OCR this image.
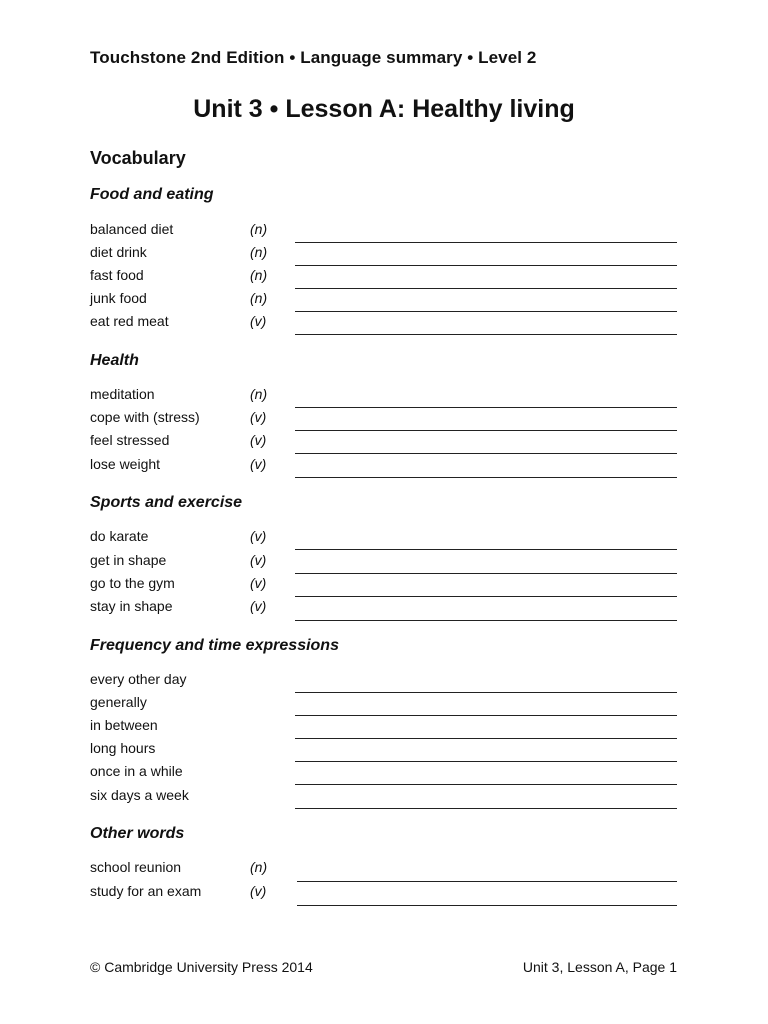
Touchstone 2nd Edition • Language summary • Level 2
Unit 3 • Lesson A: Healthy living
Vocabulary
Food and eating
balanced diet	(n)
diet drink	(n)
fast food	(n)
junk food	(n)
eat red meat	(v)
Health
meditation	(n)
cope with (stress)	(v)
feel stressed	(v)
lose weight	(v)
Sports and exercise
do karate	(v)
get in shape	(v)
go to the gym	(v)
stay in shape	(v)
Frequency and time expressions
every other day
generally
in between
long hours
once in a while
six days a week
Other words
school reunion	(n)
study for an exam	(v)
© Cambridge University Press 2014	Unit 3, Lesson A, Page 1
